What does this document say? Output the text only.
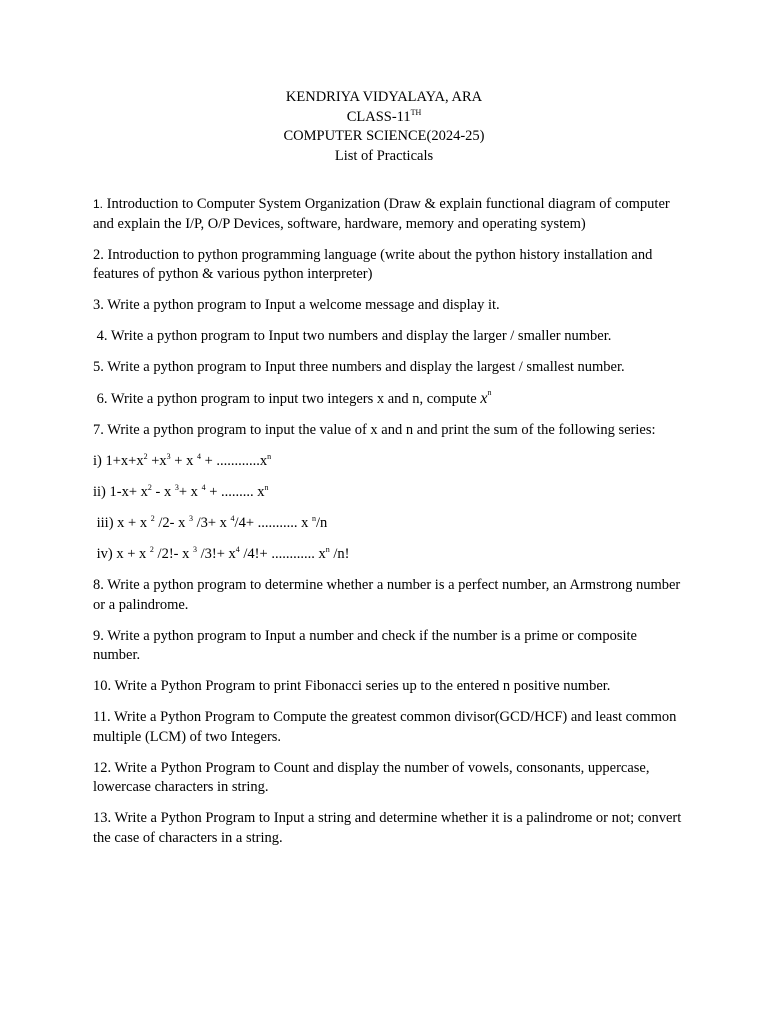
KENDRIYA VIDYALAYA, ARA
CLASS-11TH
COMPUTER SCIENCE(2024-25)
List of Practicals
1. Introduction to Computer System Organization (Draw & explain functional diagram of computer and explain the I/P, O/P Devices, software, hardware, memory and operating system)
2. Introduction to python programming language (write about the python history installation and features of python & various python interpreter)
3. Write a python program to Input a welcome message and display it.
4. Write a python program to Input two numbers and display the larger / smaller number.
5. Write a python program to Input three numbers and display the largest / smallest number.
6. Write a python program to input two integers x and n, compute $x^n$
7. Write a python program to input the value of x and n and print the sum of the following series:
i) $1+x+x^2 +x^3 + x$ $^4 + ............x^n$
ii) $1-x+ x^2 - x$ $^3$+ x $^4$ + ......... $x^n$
iii) x + x $^2$ /2- x $^3$ /3+ x $^4$/4+ ........... x $^n$/n
iv) x + x $^2$ /2!- x $^3$ $/3!+ x^4$ /4!+ ............ $x^n$ /n!
8. Write a python program to determine whether a number is a perfect number, an Armstrong number or a palindrome.
9. Write a python program to Input a number and check if the number is a prime or composite number.
10. Write a Python Program to print Fibonacci series up to the entered n positive number.
11. Write a Python Program to Compute the greatest common divisor(GCD/HCF) and least common multiple (LCM) of two Integers.
12. Write a Python Program to Count and display the number of vowels, consonants, uppercase, lowercase characters in string.
13. Write a Python Program to Input a string and determine whether it is a palindrome or not; convert the case of characters in a string.
